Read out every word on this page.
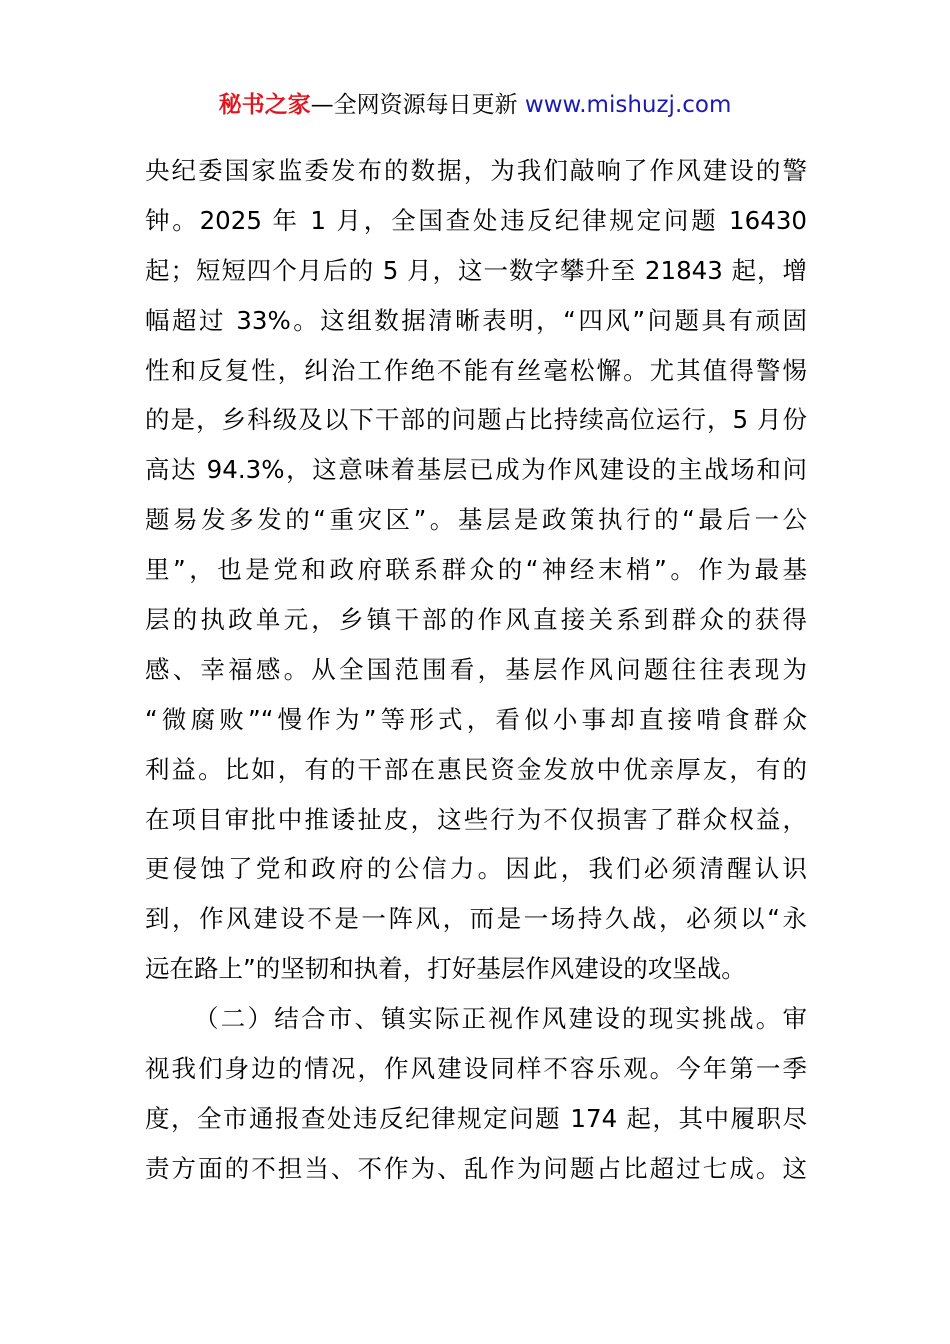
秘书之家—全网资源每日更新 www.mishuzj.com
央纪委国家监委发布的数据，为我们敲响了作风建设的警
钟。2025 年 1 月，全国查处违反纪律规定问题 16430
起；短短四个月后的 5 月，这一数字攀升至 21843 起，增
幅超过 33%。这组数据清晰表明，“四风”问题具有顽固
性和反复性，纠治工作绝不能有丝毫松懈。尤其值得警惕
的是，乡科级及以下干部的问题占比持续高位运行，5 月份
高达 94.3%，这意味着基层已成为作风建设的主战场和问
题易发多发的“重灾区”。基层是政策执行的“最后一公
里”，也是党和政府联系群众的“神经末梢”。作为最基
层的执政单元，乡镇干部的作风直接关系到群众的获得
感、幸福感。从全国范围看，基层作风问题往往表现为
“微腐败”“慢作为”等形式，看似小事却直接啃食群众
利益。比如，有的干部在惠民资金发放中优亲厚友，有的
在项目审批中推诿扯皮，这些行为不仅损害了群众权益，
更侵蚀了党和政府的公信力。因此，我们必须清醒认识
到，作风建设不是一阵风，而是一场持久战，必须以“永
远在路上”的坚韧和执着，打好基层作风建设的攻坚战。
（二）结合市、镇实际正视作风建设的现实挑战。审
视我们身边的情况，作风建设同样不容乐观。今年第一季
度，全市通报查处违反纪律规定问题 174 起，其中履职尽
责方面的不担当、不作为、乱作为问题占比超过七成。这
